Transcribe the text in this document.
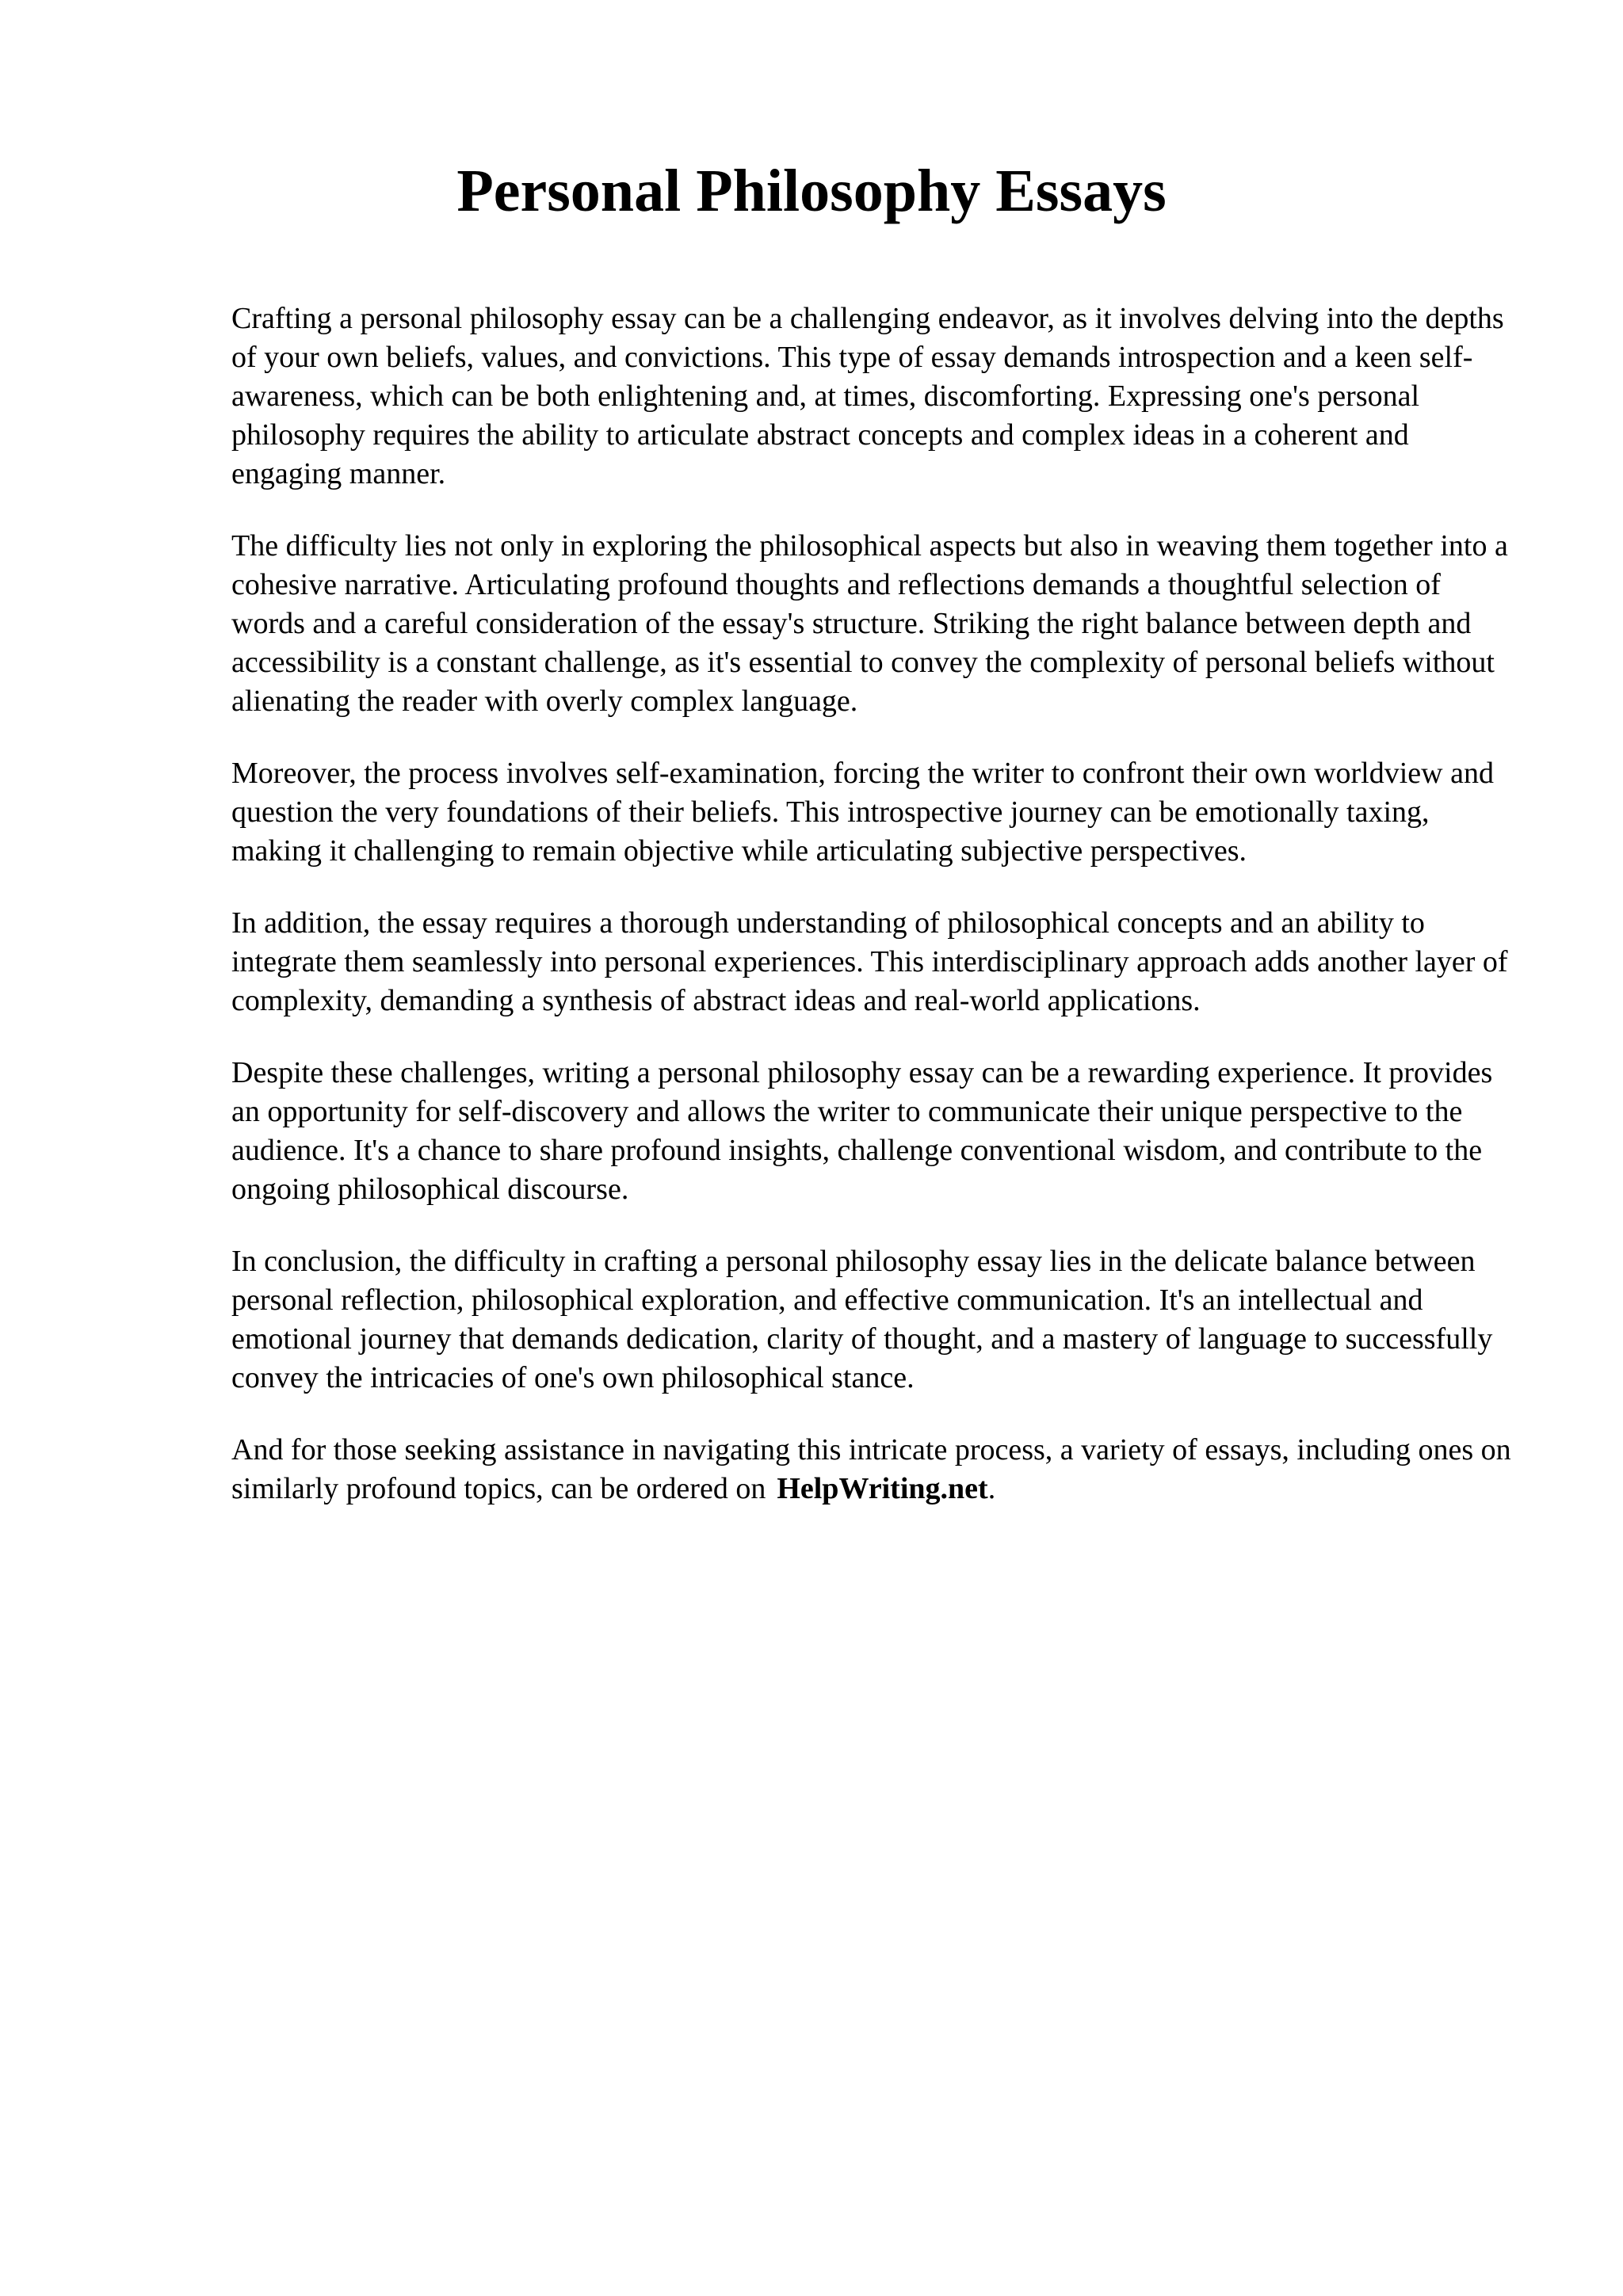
Personal Philosophy Essays

Crafting a personal philosophy essay can be a challenging endeavor, as it involves delving into the depths of your own beliefs, values, and convictions. This type of essay demands introspection and a keen self-awareness, which can be both enlightening and, at times, discomforting. Expressing one's personal philosophy requires the ability to articulate abstract concepts and complex ideas in a coherent and engaging manner.

The difficulty lies not only in exploring the philosophical aspects but also in weaving them together into a cohesive narrative. Articulating profound thoughts and reflections demands a thoughtful selection of words and a careful consideration of the essay's structure. Striking the right balance between depth and accessibility is a constant challenge, as it's essential to convey the complexity of personal beliefs without alienating the reader with overly complex language.

Moreover, the process involves self-examination, forcing the writer to confront their own worldview and question the very foundations of their beliefs. This introspective journey can be emotionally taxing, making it challenging to remain objective while articulating subjective perspectives.

In addition, the essay requires a thorough understanding of philosophical concepts and an ability to integrate them seamlessly into personal experiences. This interdisciplinary approach adds another layer of complexity, demanding a synthesis of abstract ideas and real-world applications.

Despite these challenges, writing a personal philosophy essay can be a rewarding experience. It provides an opportunity for self-discovery and allows the writer to communicate their unique perspective to the audience. It's a chance to share profound insights, challenge conventional wisdom, and contribute to the ongoing philosophical discourse.

In conclusion, the difficulty in crafting a personal philosophy essay lies in the delicate balance between personal reflection, philosophical exploration, and effective communication. It's an intellectual and emotional journey that demands dedication, clarity of thought, and a mastery of language to successfully convey the intricacies of one's own philosophical stance.

And for those seeking assistance in navigating this intricate process, a variety of essays, including ones on similarly profound topics, can be ordered on HelpWriting.net.
